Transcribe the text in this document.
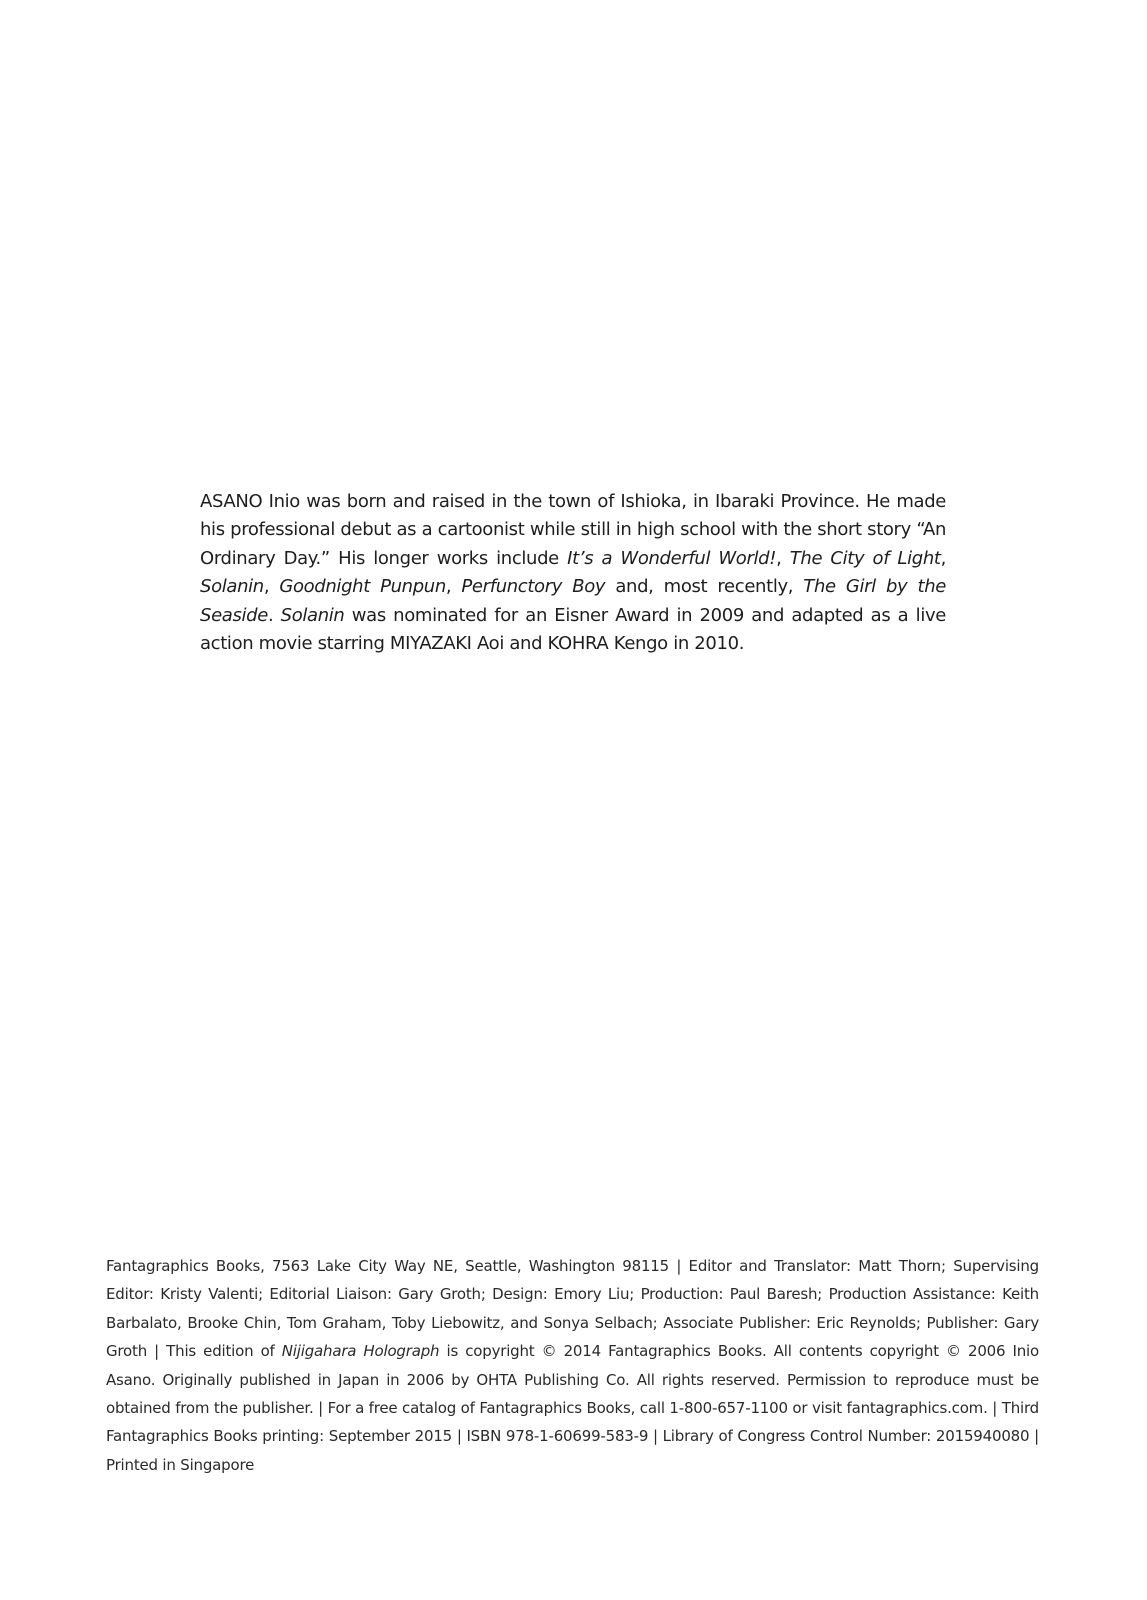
ASANO Inio was born and raised in the town of Ishioka, in Ibaraki Province. He made his professional debut as a cartoonist while still in high school with the short story “An Ordinary Day.” His longer works include It’s a Wonderful World!, The City of Light, Solanin, Goodnight Punpun, Perfunctory Boy and, most recently, The Girl by the Seaside. Solanin was nominated for an Eisner Award in 2009 and adapted as a live action movie starring MIYAZAKI Aoi and KOHRA Kengo in 2010.

Fantagraphics Books, 7563 Lake City Way NE, Seattle, Washington 98115 | Editor and Translator: Matt Thorn; Supervising Editor: Kristy Valenti; Editorial Liaison: Gary Groth; Design: Emory Liu; Production: Paul Baresh; Production Assistance: Keith Barbalato, Brooke Chin, Tom Graham, Toby Liebowitz, and Sonya Selbach; Associate Publisher: Eric Reynolds; Publisher: Gary Groth | This edition of Nijigahara Holograph is copyright © 2014 Fantagraphics Books. All contents copyright © 2006 Inio Asano. Originally published in Japan in 2006 by OHTA Publishing Co. All rights reserved. Permission to reproduce must be obtained from the publisher. | For a free catalog of Fantagraphics Books, call 1-800-657-1100 or visit fantagraphics.com. | Third Fantagraphics Books printing: September 2015 | ISBN 978-1-60699-583-9 | Library of Congress Control Number: 2015940080 | Printed in Singapore
